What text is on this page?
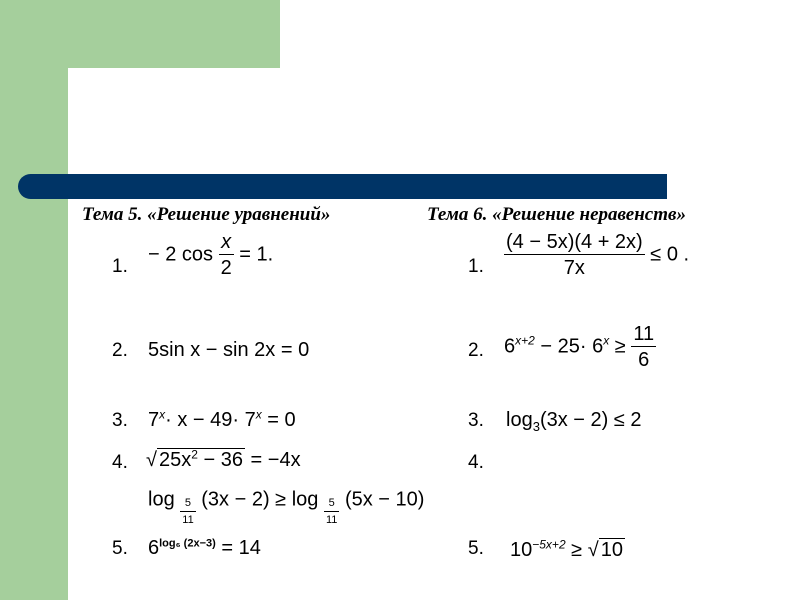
Тема 5. «Решение уравнений»	Тема 6. «Решение неравенств»
1.
2.
3.
4.
5.
− 2 $\cos \frac{x}{2} = 1$.
5sin x − sin 2x = 0
$7^x\cdot x - 49\cdot 7^x = 0$
√ $25x^2 - 36 = -4x$
$\log \frac{5}{11} (3x - 2) \ge \log \frac{5}{11} (5x - 10)$
$6^{log_6 (2x-3)} = 14$
1.
2.
3.
4.
5.
$\frac{(4 - 5x)(4 + 2x)}{7x} \le 0$ .
$6^{x+2} - 25\cdot 6^x \ge \frac{11}{6}$
$\log_3(3x - 2) \le 2$
$10^{-5x+2}$ ≥ √ 10
